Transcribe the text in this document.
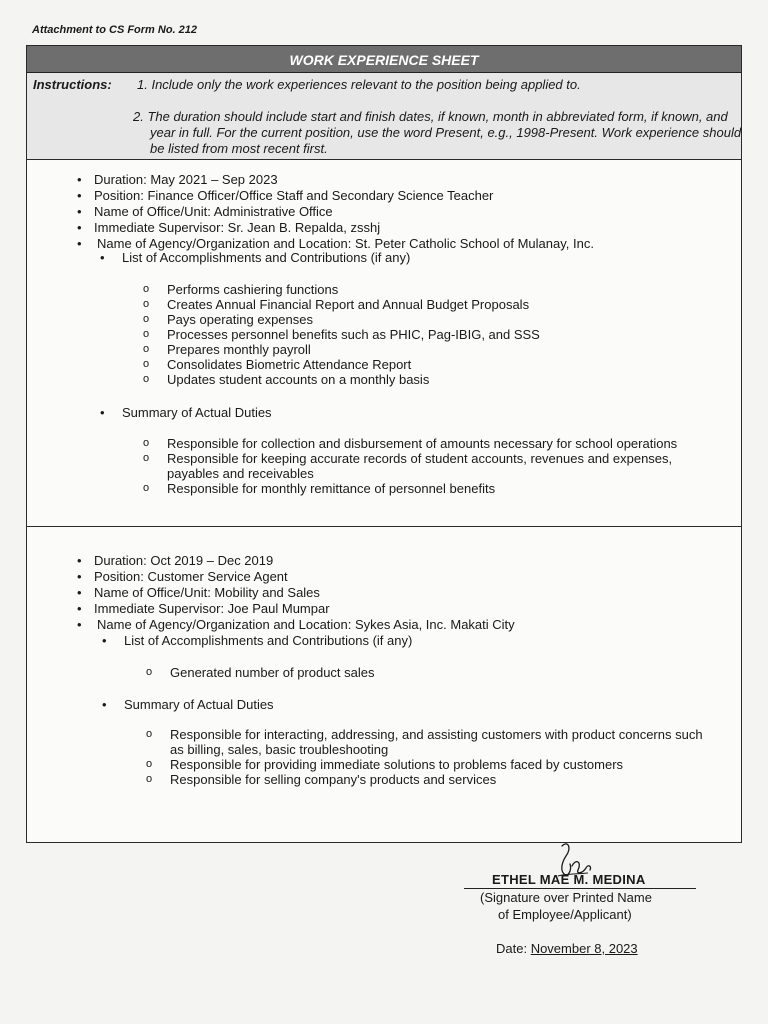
Attachment to CS Form No. 212
WORK EXPERIENCE SHEET
Instructions: 1. Include only the work experiences relevant to the position being applied to.
2. The duration should include start and finish dates, if known, month in abbreviated form, if known, and year in full. For the current position, use the word Present, e.g., 1998-Present. Work experience should be listed from most recent first.
• Duration: May 2021 – Sep 2023
• Position: Finance Officer/Office Staff and Secondary Science Teacher
• Name of Office/Unit: Administrative Office
• Immediate Supervisor: Sr. Jean B. Repalda, zsshj
• Name of Agency/Organization and Location: St. Peter Catholic School of Mulanay, Inc.
• List of Accomplishments and Contributions (if any)
o Performs cashiering functions
o Creates Annual Financial Report and Annual Budget Proposals
o Pays operating expenses
o Processes personnel benefits such as PHIC, Pag-IBIG, and SSS
o Prepares monthly payroll
o Consolidates Biometric Attendance Report
o Updates student accounts on a monthly basis
• Summary of Actual Duties
o Responsible for collection and disbursement of amounts necessary for school operations
o Responsible for keeping accurate records of student accounts, revenues and expenses, payables and receivables
o Responsible for monthly remittance of personnel benefits
• Duration: Oct 2019 – Dec 2019
• Position: Customer Service Agent
• Name of Office/Unit: Mobility and Sales
• Immediate Supervisor: Joe Paul Mumpar
• Name of Agency/Organization and Location: Sykes Asia, Inc. Makati City
• List of Accomplishments and Contributions (if any)
o Generated number of product sales
• Summary of Actual Duties
o Responsible for interacting, addressing, and assisting customers with product concerns such as billing, sales, basic troubleshooting
o Responsible for providing immediate solutions to problems faced by customers
o Responsible for selling company's products and services
ETHEL MAE M. MEDINA
(Signature over Printed Name
of Employee/Applicant)
Date: November 8, 2023
